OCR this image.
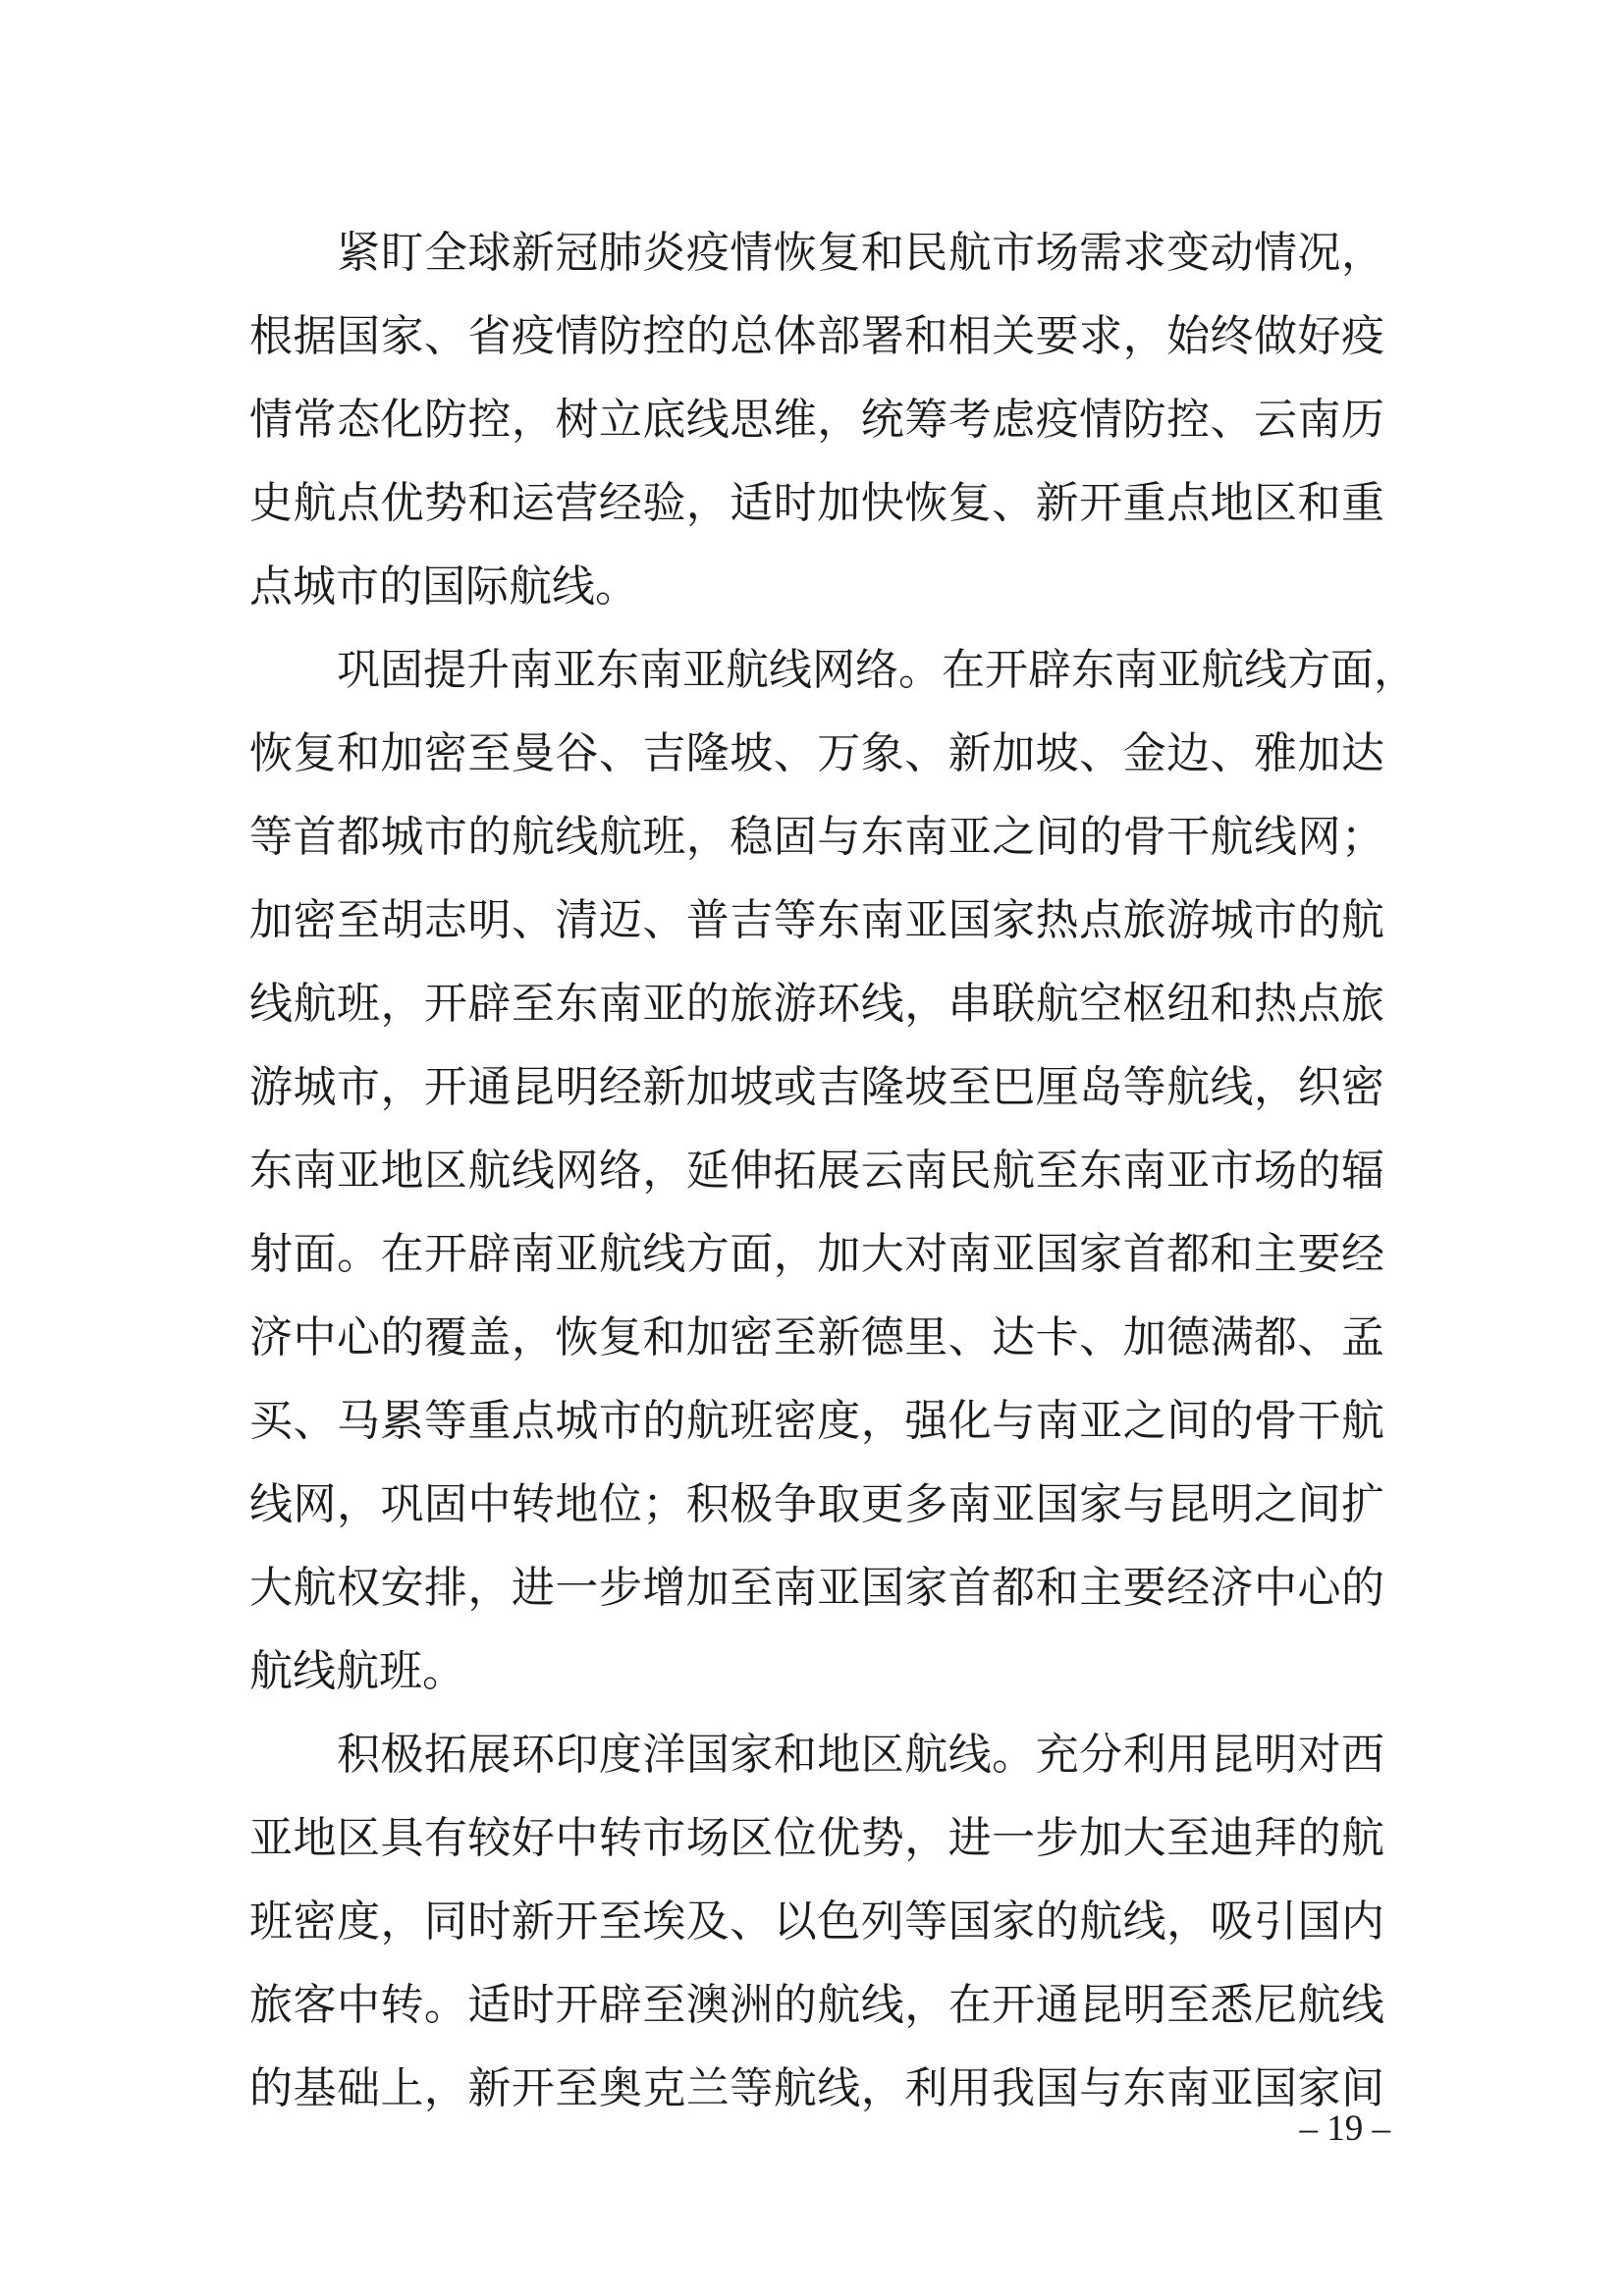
紧盯全球新冠肺炎疫情恢复和民航市场需求变动情况，
根据国家、省疫情防控的总体部署和相关要求，始终做好疫
情常态化防控，树立底线思维，统筹考虑疫情防控、云南历
史航点优势和运营经验，适时加快恢复、新开重点地区和重
点城市的国际航线。
巩固提升南亚东南亚航线网络。在开辟东南亚航线方面，
恢复和加密至曼谷、吉隆坡、万象、新加坡、金边、雅加达
等首都城市的航线航班，稳固与东南亚之间的骨干航线网；
加密至胡志明、清迈、普吉等东南亚国家热点旅游城市的航
线航班，开辟至东南亚的旅游环线，串联航空枢纽和热点旅
游城市，开通昆明经新加坡或吉隆坡至巴厘岛等航线，织密
东南亚地区航线网络，延伸拓展云南民航至东南亚市场的辐
射面。在开辟南亚航线方面，加大对南亚国家首都和主要经
济中心的覆盖，恢复和加密至新德里、达卡、加德满都、孟
买、马累等重点城市的航班密度，强化与南亚之间的骨干航
线网，巩固中转地位；积极争取更多南亚国家与昆明之间扩
大航权安排，进一步增加至南亚国家首都和主要经济中心的
航线航班。
积极拓展环印度洋国家和地区航线。充分利用昆明对西
亚地区具有较好中转市场区位优势，进一步加大至迪拜的航
班密度，同时新开至埃及、以色列等国家的航线，吸引国内
旅客中转。适时开辟至澳洲的航线，在开通昆明至悉尼航线
的基础上，新开至奥克兰等航线，利用我国与东南亚国家间
– 19 –
